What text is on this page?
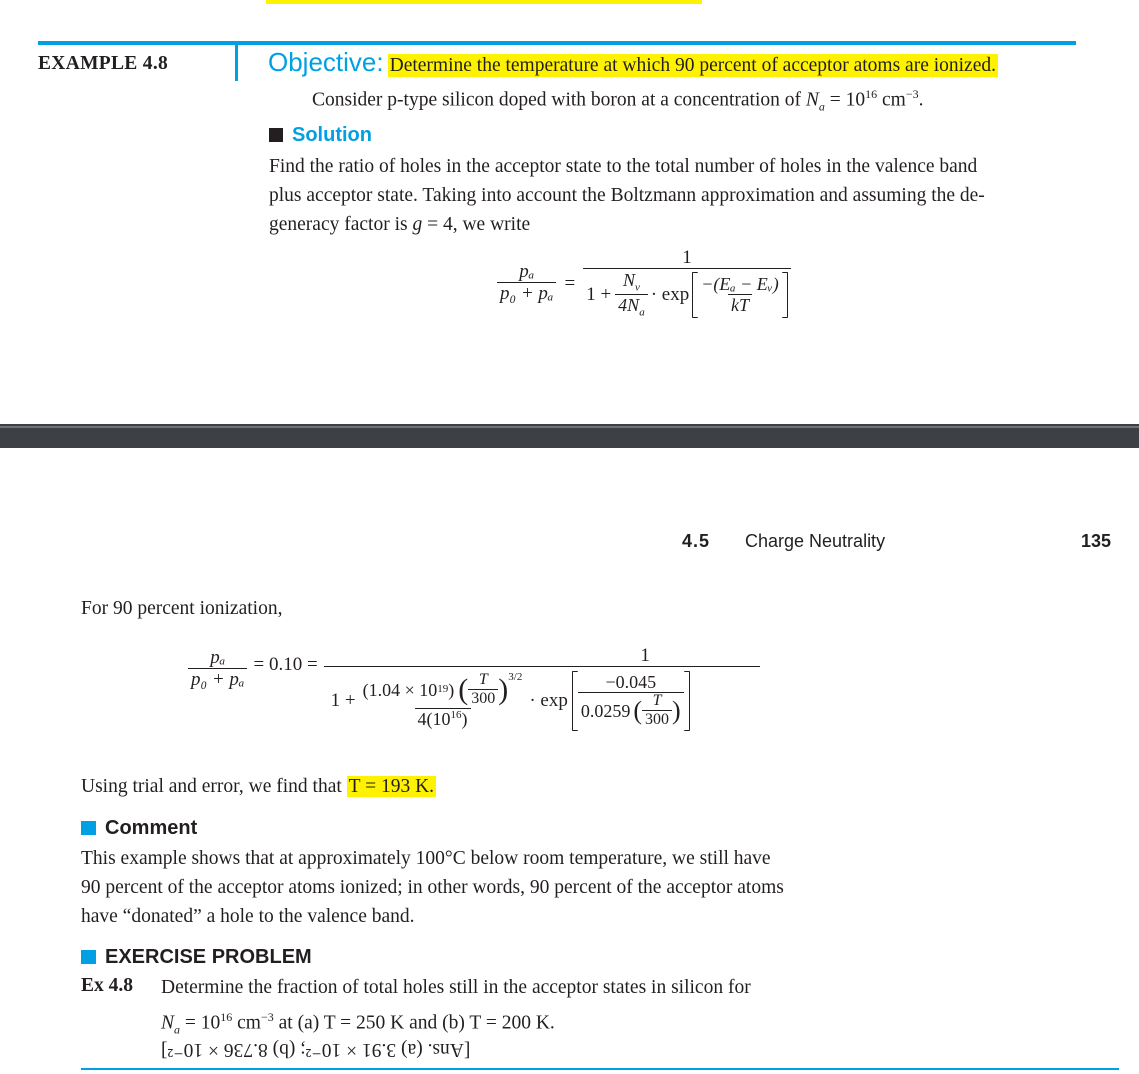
EXAMPLE 4.8	Objective: Determine the temperature at which 90 percent of acceptor atoms are ionized.
Consider p-type silicon doped with boron at a concentration of $N_a = 10^{16}$ $cm^{-3}$.
Solution
Find the ratio of holes in the acceptor state to the total number of holes in the valence band
plus acceptor state. Taking into account the Boltzmann approximation and assuming the de-
generacy factor is g = 4, we write
$\frac{\text{pₐ}}{\text{p₀ + pₐ}}$ =
1
$1 + \frac{N_v}{4N_a} \cdot \exp \frac{\text{−(Eₐ − Eᵥ)}}{kT}$
4.5 Charge Neutrality	135
For 90 percent ionization,
$\frac{\text{pₐ}}{\text{p₀ + pₐ}} = 0.10$ =	1
1 +
(1.04 × 10 19 ) ( $\frac{T}{300} )^{3/2}$
$4(10^{16})$
· exp
−0.045
0.0259 ( $\frac{T}{300}$ )
Using trial and error, we find that T = 193 K.
Comment
This example shows that at approximately 100°C below room temperature, we still have
90 percent of the acceptor atoms ionized; in other words, 90 percent of the acceptor atoms
have “donated” a hole to the valence band.
EXERCISE PROBLEM
Ex 4.8 Determine the fraction of total holes still in the acceptor states in silicon for
$N_a = 10^{16}$ $cm^{-3}$ at (a) T = 250 K and (b) T = 200 K.
[Ans. (a) 3.91 × 10⁻²; (b) 8.736 × 10⁻²]
